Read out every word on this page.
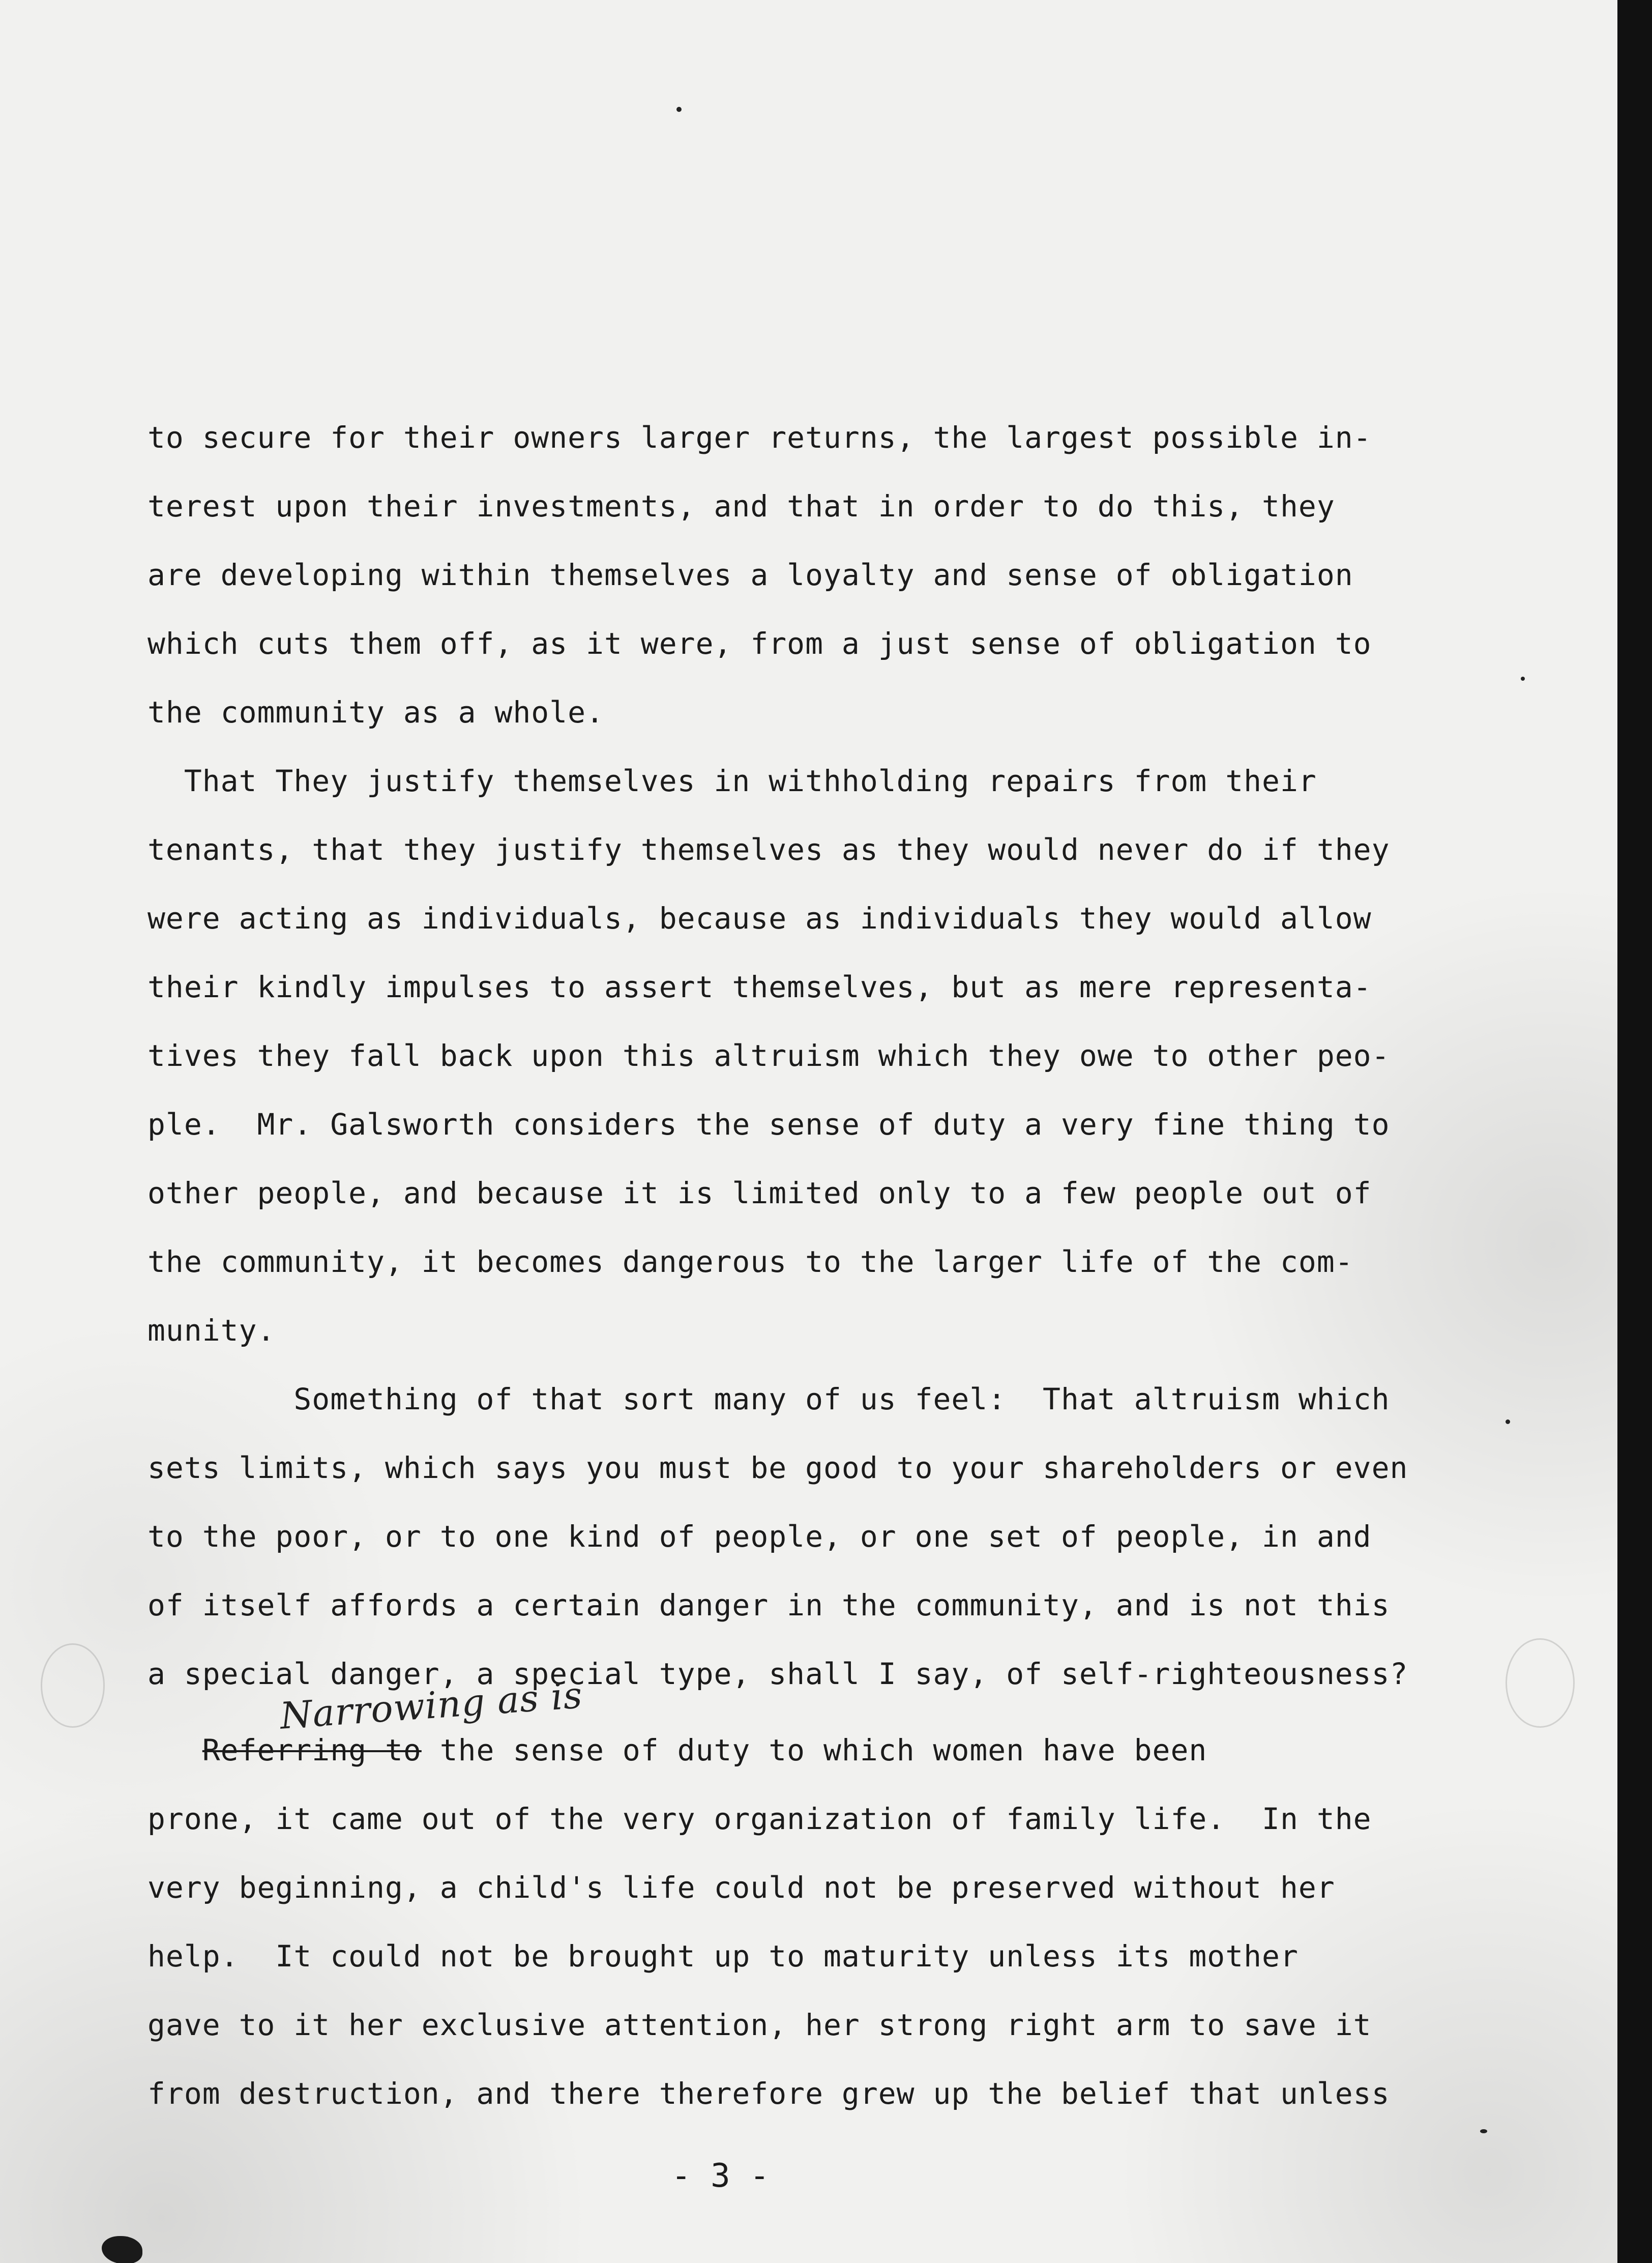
to secure for their owners larger returns, the largest possible in-
terest upon their investments, and that in order to do this, they
are developing within themselves a loyalty and sense of obligation
which cuts them off, as it were, from a just sense of obligation to
the community as a whole.
That They justify themselves in withholding repairs from their
tenants, that they justify themselves as they would never do if they
were acting as individuals, because as individuals they would allow
their kindly impulses to assert themselves, but as mere representa-
tives they fall back upon this altruism which they owe to other peo-
ple.  Mr. Galsworth considers the sense of duty a very fine thing to
other people, and because it is limited only to a few people out of
the community, it becomes dangerous to the larger life of the com-
munity.
Something of that sort many of us feel:  That altruism which
sets limits, which says you must be good to your shareholders or even
to the poor, or to one kind of people, or one set of people, in and
of itself affords a certain danger in the community, and is not this
a special danger, a special type, shall I say, of self-righteousness?
Narrowing as is
Referring to the sense of duty to which women have been
prone, it came out of the very organization of family life.  In the
very beginning, a child's life could not be preserved without her
help.  It could not be brought up to maturity unless its mother
gave to it her exclusive attention, her strong right arm to save it
from destruction, and there therefore grew up the belief that unless
- 3 -
